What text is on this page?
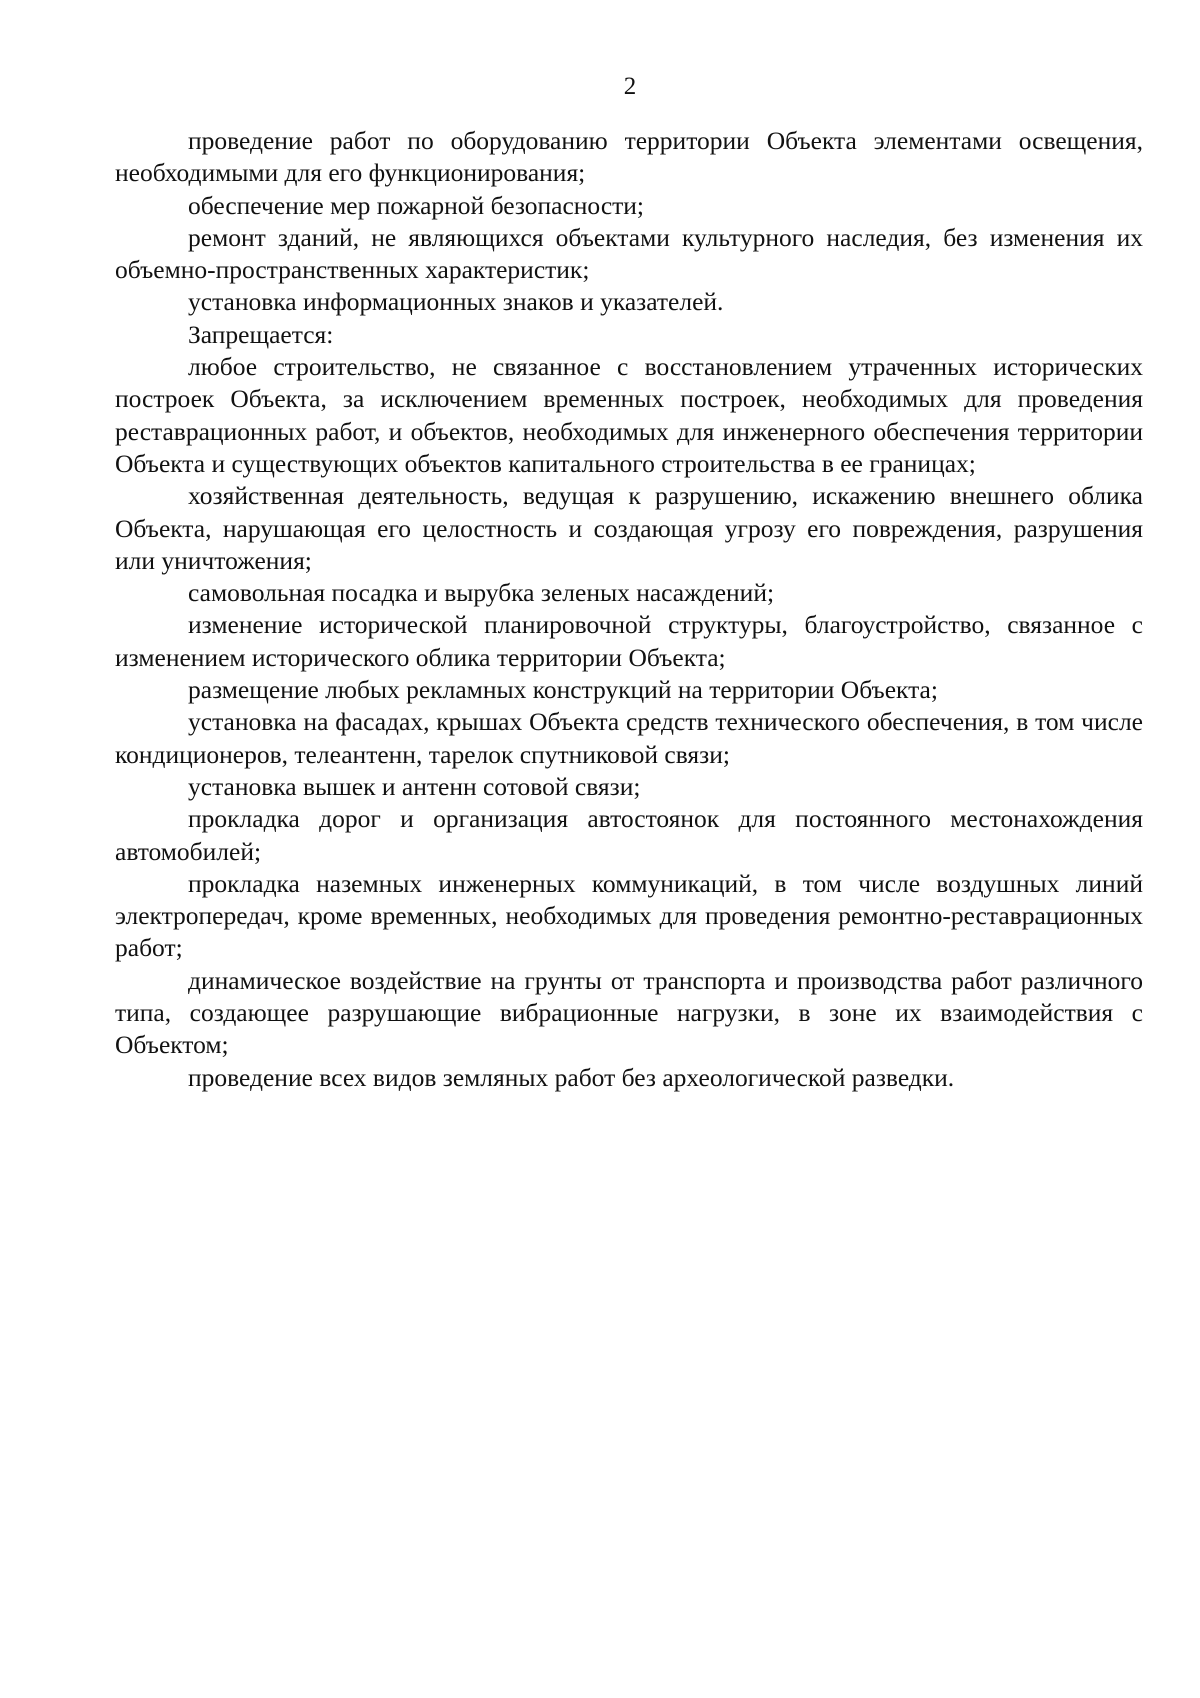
2

проведение работ по оборудованию территории Объекта элементами освещения, необходимыми для его функционирования;

обеспечение мер пожарной безопасности;

ремонт зданий, не являющихся объектами культурного наследия, без изменения их объемно-пространственных характеристик;

установка информационных знаков и указателей.

Запрещается:

любое строительство, не связанное с восстановлением утраченных исторических построек Объекта, за исключением временных построек, необходимых для проведения реставрационных работ, и объектов, необходимых для инженерного обеспечения территории Объекта и существующих объектов капитального строительства в ее границах;

хозяйственная деятельность, ведущая к разрушению, искажению внешнего облика Объекта, нарушающая его целостность и создающая угрозу его повреждения, разрушения или уничтожения;

самовольная посадка и вырубка зеленых насаждений;

изменение исторической планировочной структуры, благоустройство, связанное с изменением исторического облика территории Объекта;

размещение любых рекламных конструкций на территории Объекта;

установка на фасадах, крышах Объекта средств технического обеспечения, в том числе кондиционеров, телеантенн, тарелок спутниковой связи;

установка вышек и антенн сотовой связи;

прокладка дорог и организация автостоянок для постоянного местонахождения автомобилей;

прокладка наземных инженерных коммуникаций, в том числе воздушных линий электропередач, кроме временных, необходимых для проведения ремонтно-реставрационных работ;

динамическое воздействие на грунты от транспорта и производства работ различного типа, создающее разрушающие вибрационные нагрузки, в зоне их взаимодействия с Объектом;

проведение всех видов земляных работ без археологической разведки.
